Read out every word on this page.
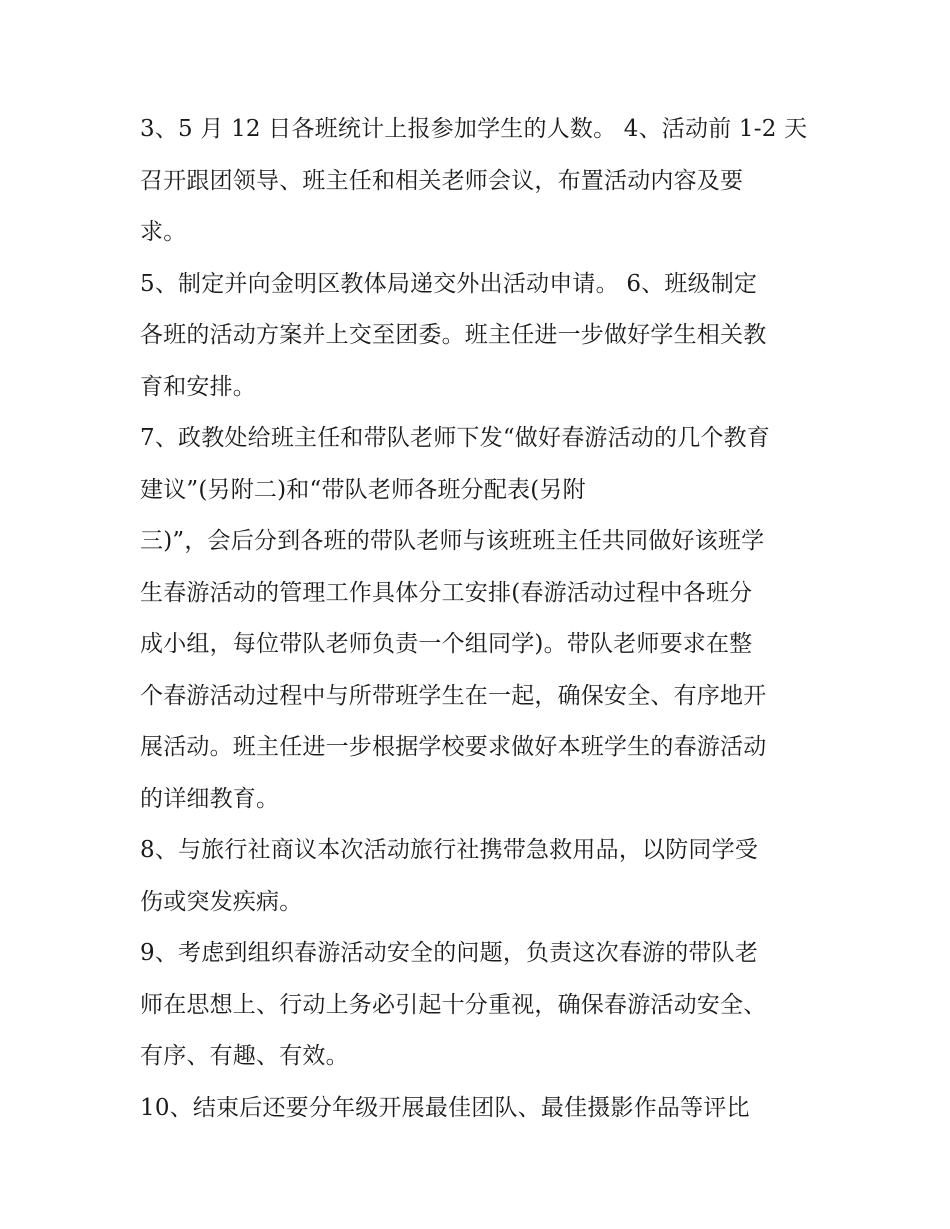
3、5 月 12 日各班统计上报参加学生的人数。 4、活动前 1-2 天
召开跟团领导、班主任和相关老师会议，布置活动内容及要
求。
5、制定并向金明区教体局递交外出活动申请。 6、班级制定
各班的活动方案并上交至团委。班主任进一步做好学生相关教
育和安排。
7、政教处给班主任和带队老师下发“做好春游活动的几个教育
建议”(另附二)和“带队老师各班分配表(另附
三)”，会后分到各班的带队老师与该班班主任共同做好该班学
生春游活动的管理工作具体分工安排(春游活动过程中各班分
成小组，每位带队老师负责一个组同学)。带队老师要求在整
个春游活动过程中与所带班学生在一起，确保安全、有序地开
展活动。班主任进一步根据学校要求做好本班学生的春游活动
的详细教育。
8、与旅行社商议本次活动旅行社携带急救用品，以防同学受
伤或突发疾病。
9、考虑到组织春游活动安全的问题，负责这次春游的带队老
师在思想上、行动上务必引起十分重视，确保春游活动安全、
有序、有趣、有效。
10、结束后还要分年级开展最佳团队、最佳摄影作品等评比
